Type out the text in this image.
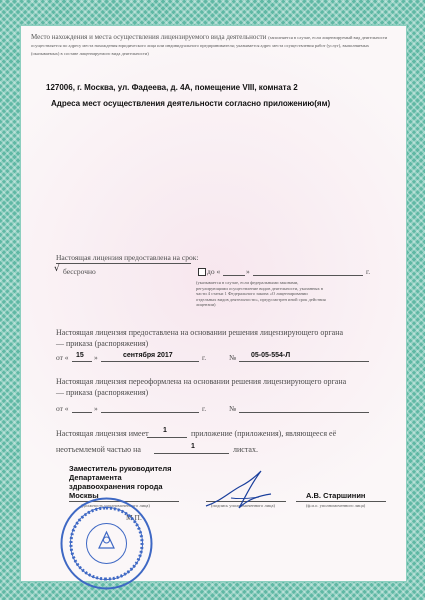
Место нахождения и места осуществления лицензируемого вида деятельности (заполняется в случае, если лицензируемый вид деятельности осуществляется по адресу места нахождения юридического лица или индивидуального предпринимателя; указывается адрес места осуществления работ (услуг), выполняемых (оказываемых) в составе лицензируемого вида деятельности)
127006, г. Москва, ул. Фадеева, д. 4А, помещение VIII, комната 2
Адреса мест осуществления деятельности согласно приложению(ям)
Настоящая лицензия предоставлена на срок:
√ бессрочно	до «	»	г.
(указывается в случае, если федеральными законами, регулирующими осуществление видов деятельности, указанных в части 4 статьи 1 Федерального закона «О лицензировании отдельных видов деятельности», предусмотрен иной срок действия лицензии)
Настоящая лицензия предоставлена на основании решения лицензирующего органа
— приказа (распоряжения)
от « 15 »	сентября 2017	г.	№ 05-05-554-Л
Настоящая лицензия переоформлена на основании решения лицензирующего органа
— приказа (распоряжения)
от «	»	г.	№
Настоящая лицензия имеет 1	приложение (приложения), являющееся её
неотъемлемой частью на	1	листах.
Заместитель руководителя
Департамента
здравоохранения города
Москвы
(должность уполномоченного лица)	(подпись уполномоченного лица)
А.В. Старшинин
(ф.и.о. уполномоченного лица)
М.П.
